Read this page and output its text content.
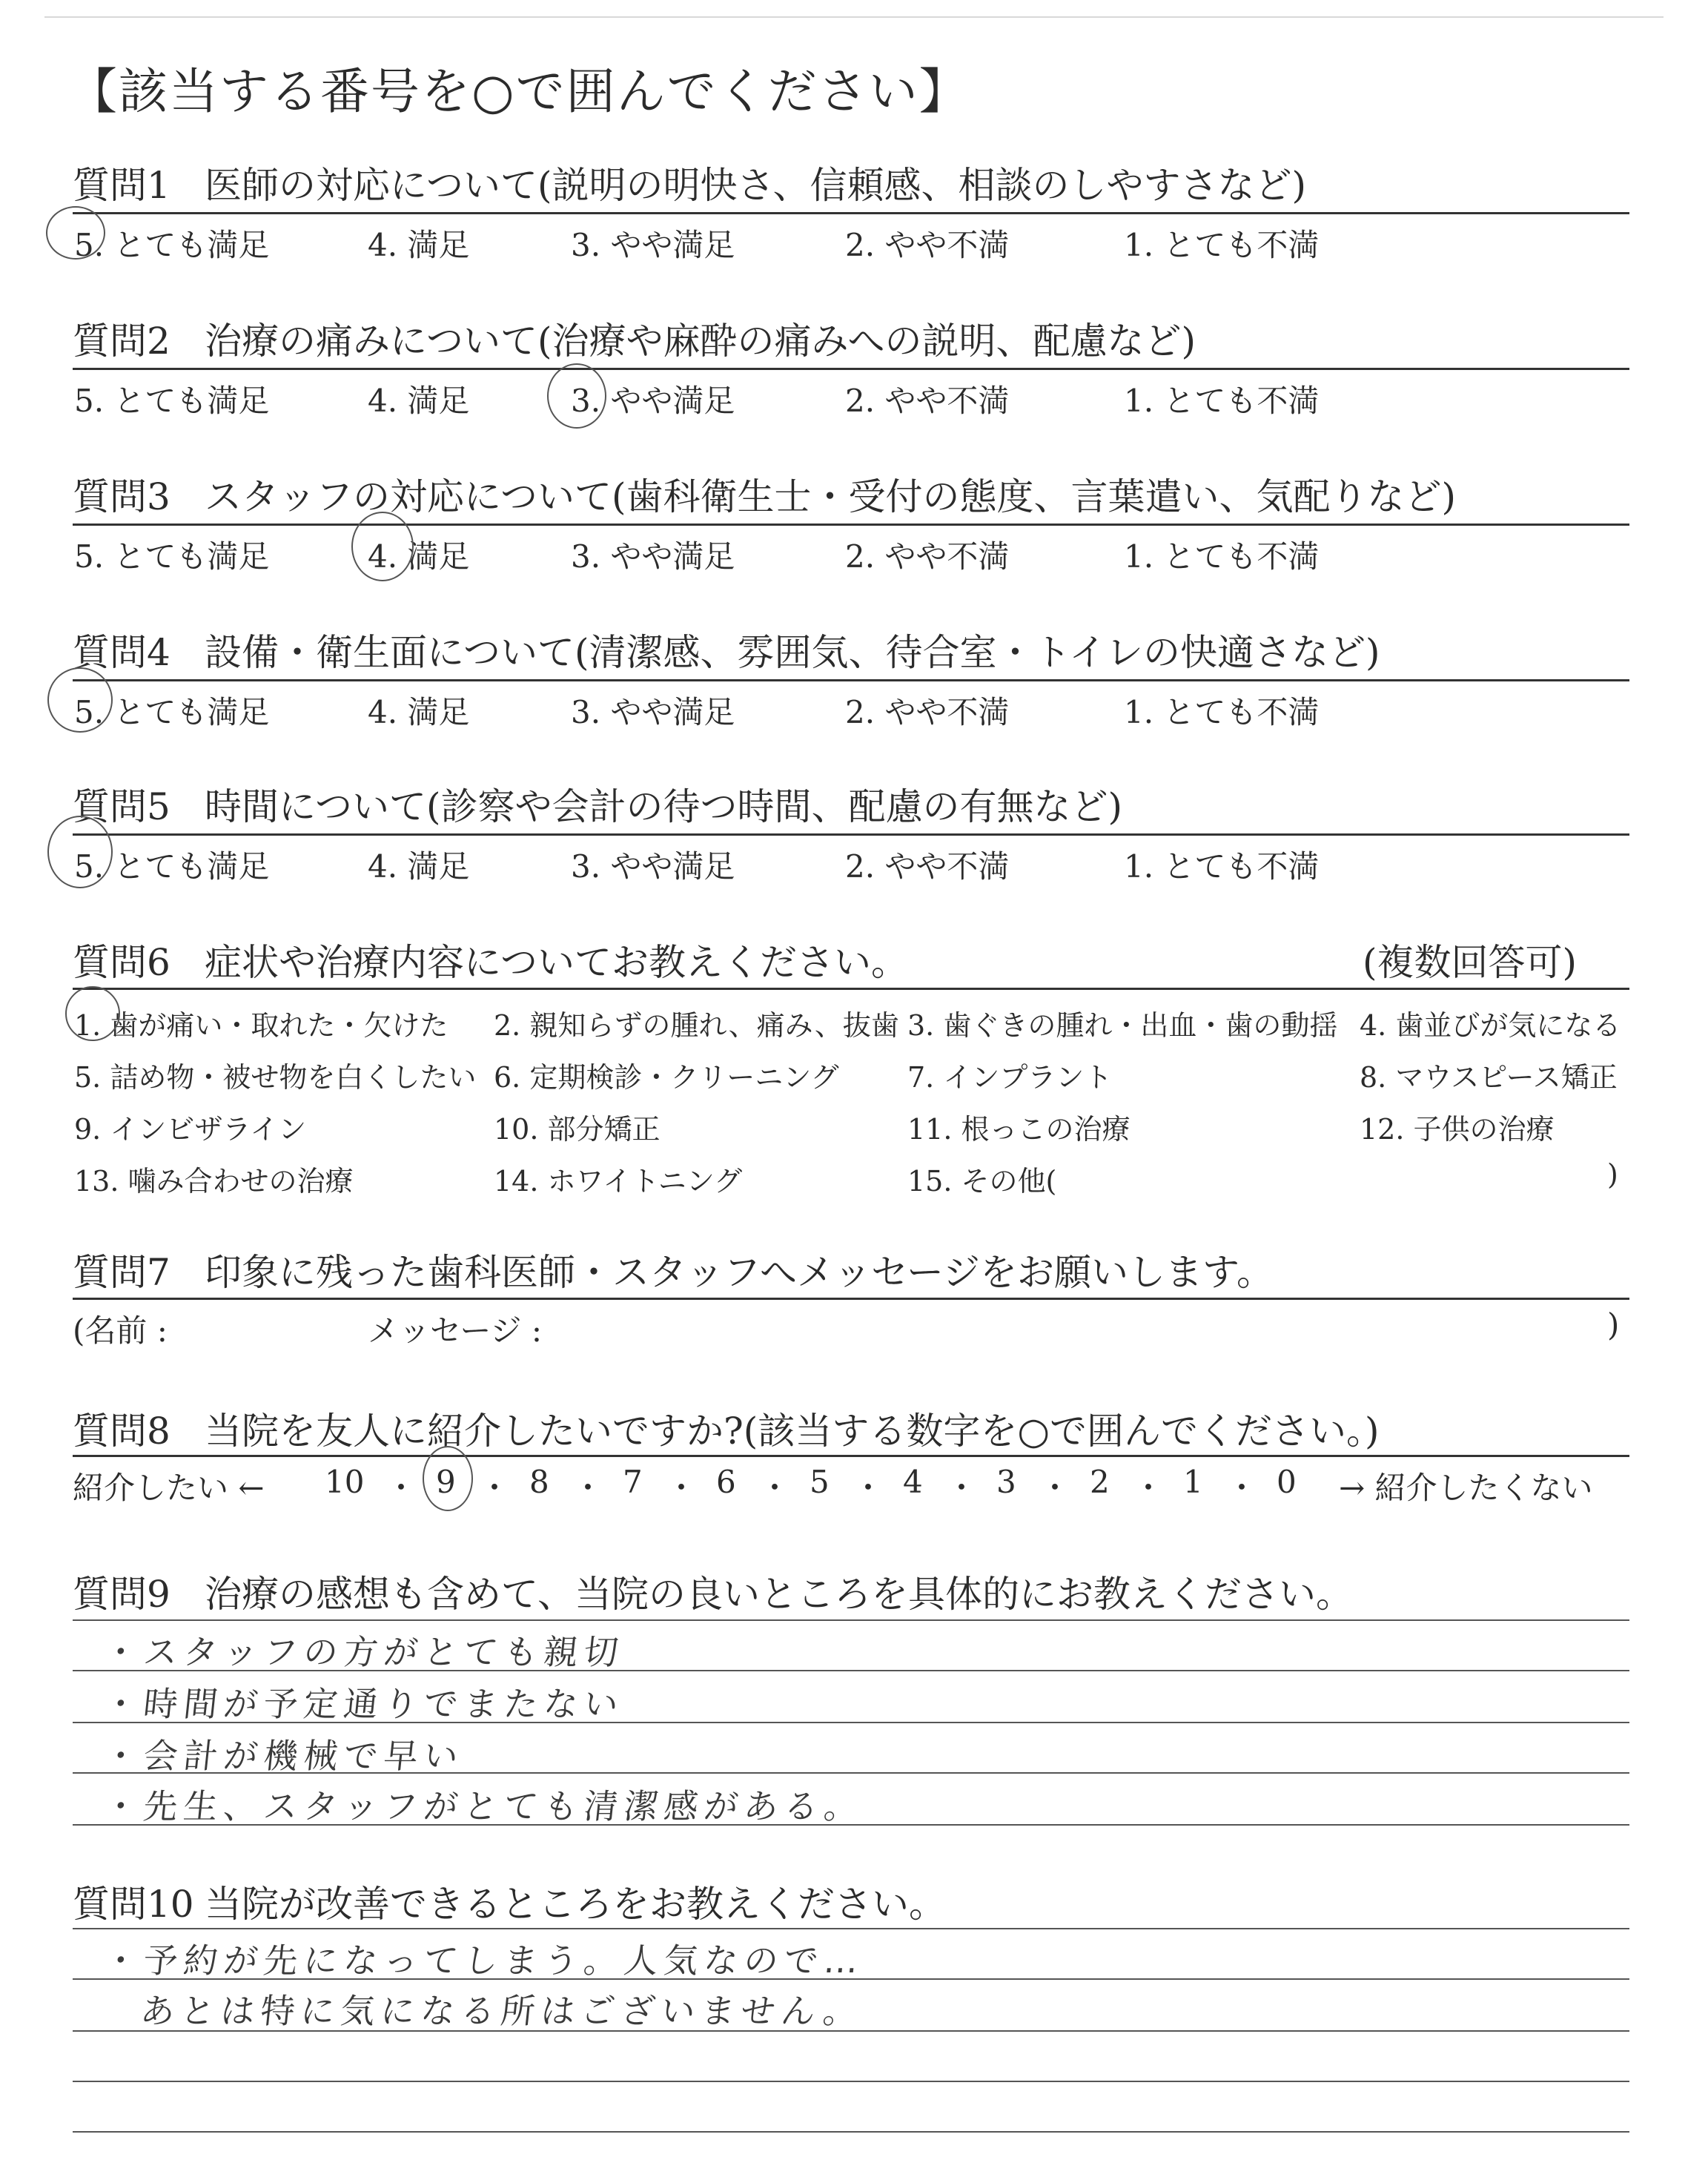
【該当する番号を○で囲んでください】
質問1 医師の対応について(説明の明快さ、信頼感、相談のしやすさなど)
5. とても満足	4. 満足	3. やや満足	2. やや不満	1. とても不満
質問2 治療の痛みについて(治療や麻酔の痛みへの説明、配慮など)
5. とても満足	4. 満足	3. やや満足	2. やや不満	1. とても不満
質問3 スタッフの対応について(歯科衛生士・受付の態度、言葉遣い、気配りなど)
5. とても満足	4. 満足	3. やや満足	2. やや不満	1. とても不満
質問4 設備・衛生面について(清潔感、雰囲気、待合室・トイレの快適さなど)
5. とても満足	4. 満足	3. やや満足	2. やや不満	1. とても不満
質問5 時間について(診察や会計の待つ時間、配慮の有無など)
5. とても満足	4. 満足	3. やや満足	2. やや不満	1. とても不満
質問6 症状や治療内容についてお教えください。	(複数回答可)
1. 歯が痛い・取れた・欠けた 2. 親知らずの腫れ、痛み、抜歯 3. 歯ぐきの腫れ・出血・歯の動揺 4. 歯並びが気になる
5. 詰め物・被せ物を白くしたい 6. 定期検診・クリーニング 7. インプラント	8. マウスピース矯正
9. インビザライン	10. 部分矯正	11. 根っこの治療	12. 子供の治療
13. 噛み合わせの治療	14. ホワイトニング	15. その他(	)
質問7 印象に残った歯科医師・スタッフへメッセージをお願いします。
(名前 :	メッセージ :	)
質問8 当院を友人に紹介したいですか?(該当する数字を○で囲んでください。)
紹介したい ←	→ 紹介したくない
10 ・ 9 ・ 8 ・ 7 ・ 6 ・ 5 ・ 4 ・ 3 ・ 2 ・ 1 ・ 0
質問9 治療の感想も含めて、当院の良いところを具体的にお教えください。
・スタッフの方がとても親切
・時間が予定通りでまたない
・会計が機械で早い
・先生、スタッフがとても清潔感がある。
質問10 当院が改善できるところをお教えください。
・予約が先になってしまう。人気なので…
あとは特に気になる所はございません。
